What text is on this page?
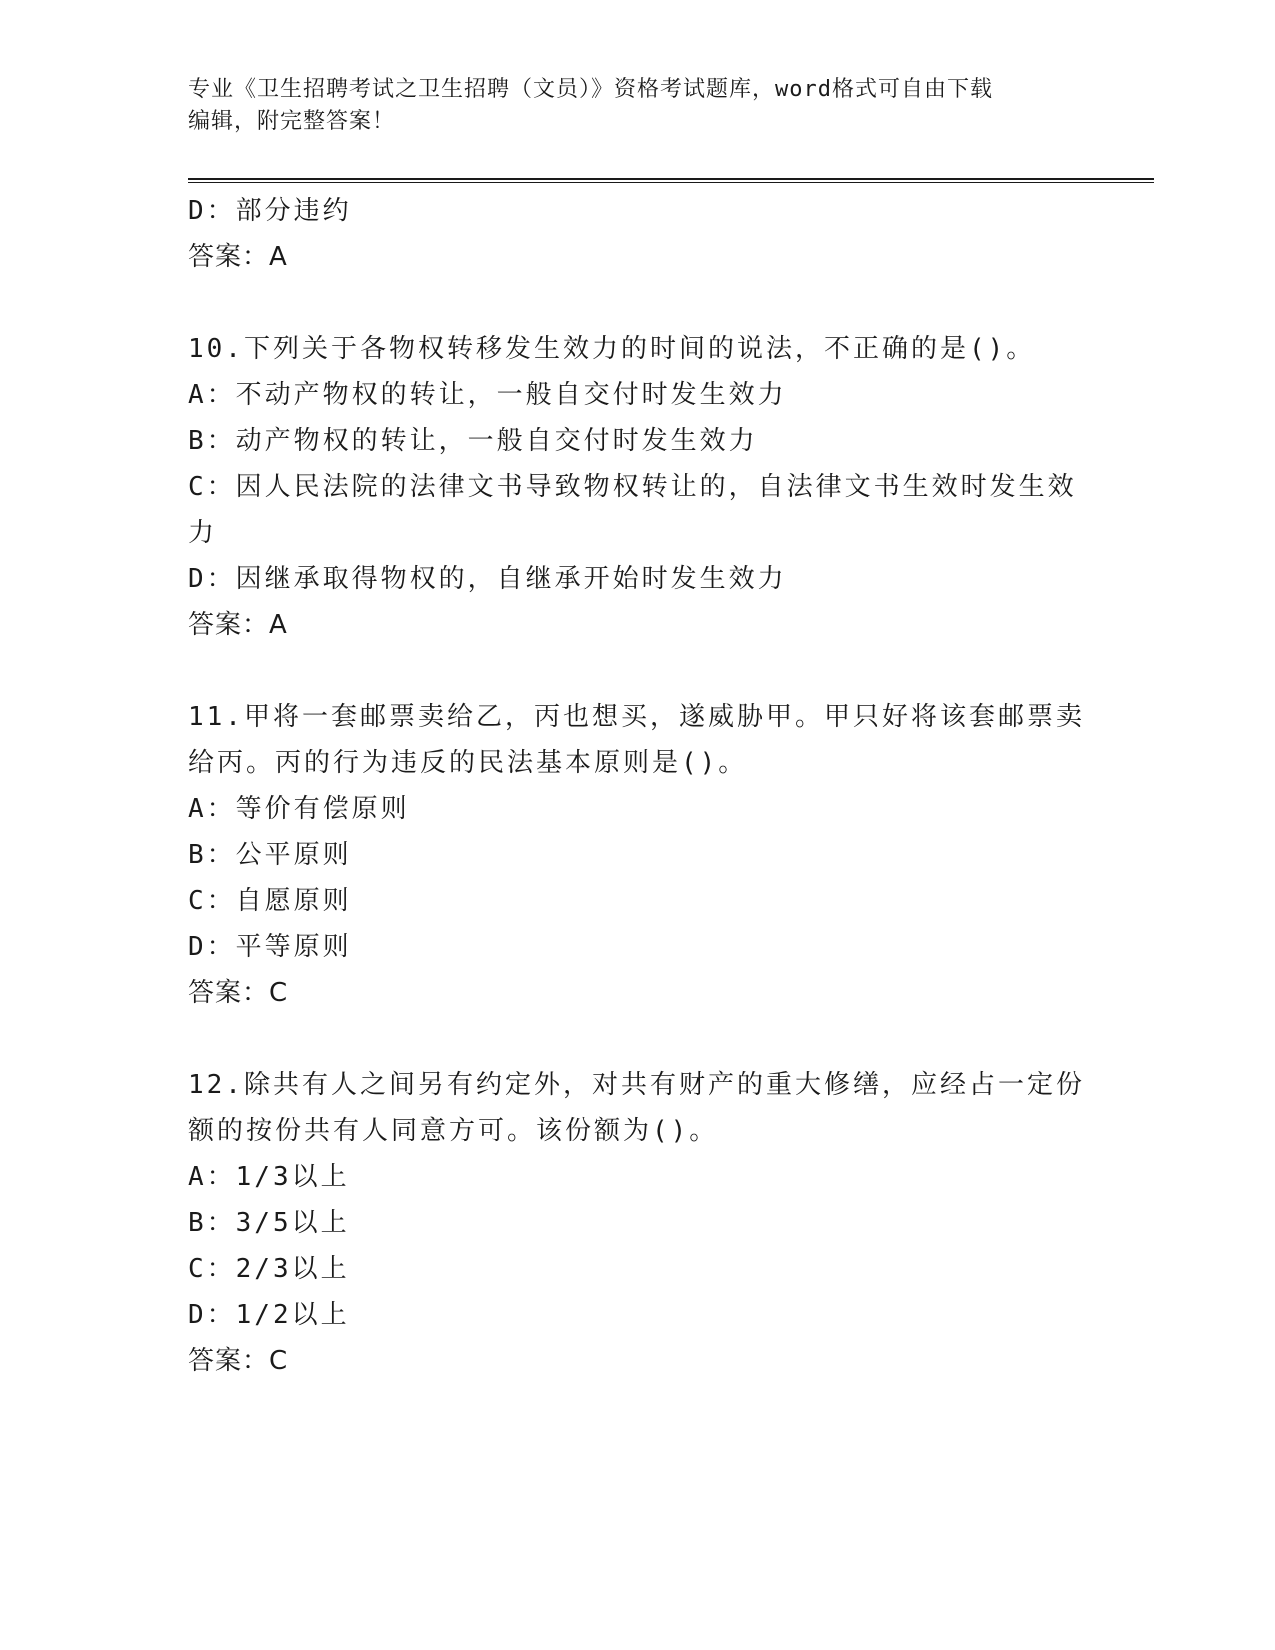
专业《卫生招聘考试之卫生招聘（文员）》资格考试题库，word格式可自由下载
编辑，附完整答案！
D：部分违约
答案：A
10.下列关于各物权转移发生效力的时间的说法，不正确的是()。
A：不动产物权的转让，一般自交付时发生效力
B：动产物权的转让，一般自交付时发生效力
C：因人民法院的法律文书导致物权转让的，自法律文书生效时发生效
力
D：因继承取得物权的，自继承开始时发生效力
答案：A
11.甲将一套邮票卖给乙，丙也想买，遂威胁甲。甲只好将该套邮票卖
给丙。丙的行为违反的民法基本原则是()。
A：等价有偿原则
B：公平原则
C：自愿原则
D：平等原则
答案：C
12.除共有人之间另有约定外，对共有财产的重大修缮，应经占一定份
额的按份共有人同意方可。该份额为()。
A：1/3以上
B：3/5以上
C：2/3以上
D：1/2以上
答案：C
